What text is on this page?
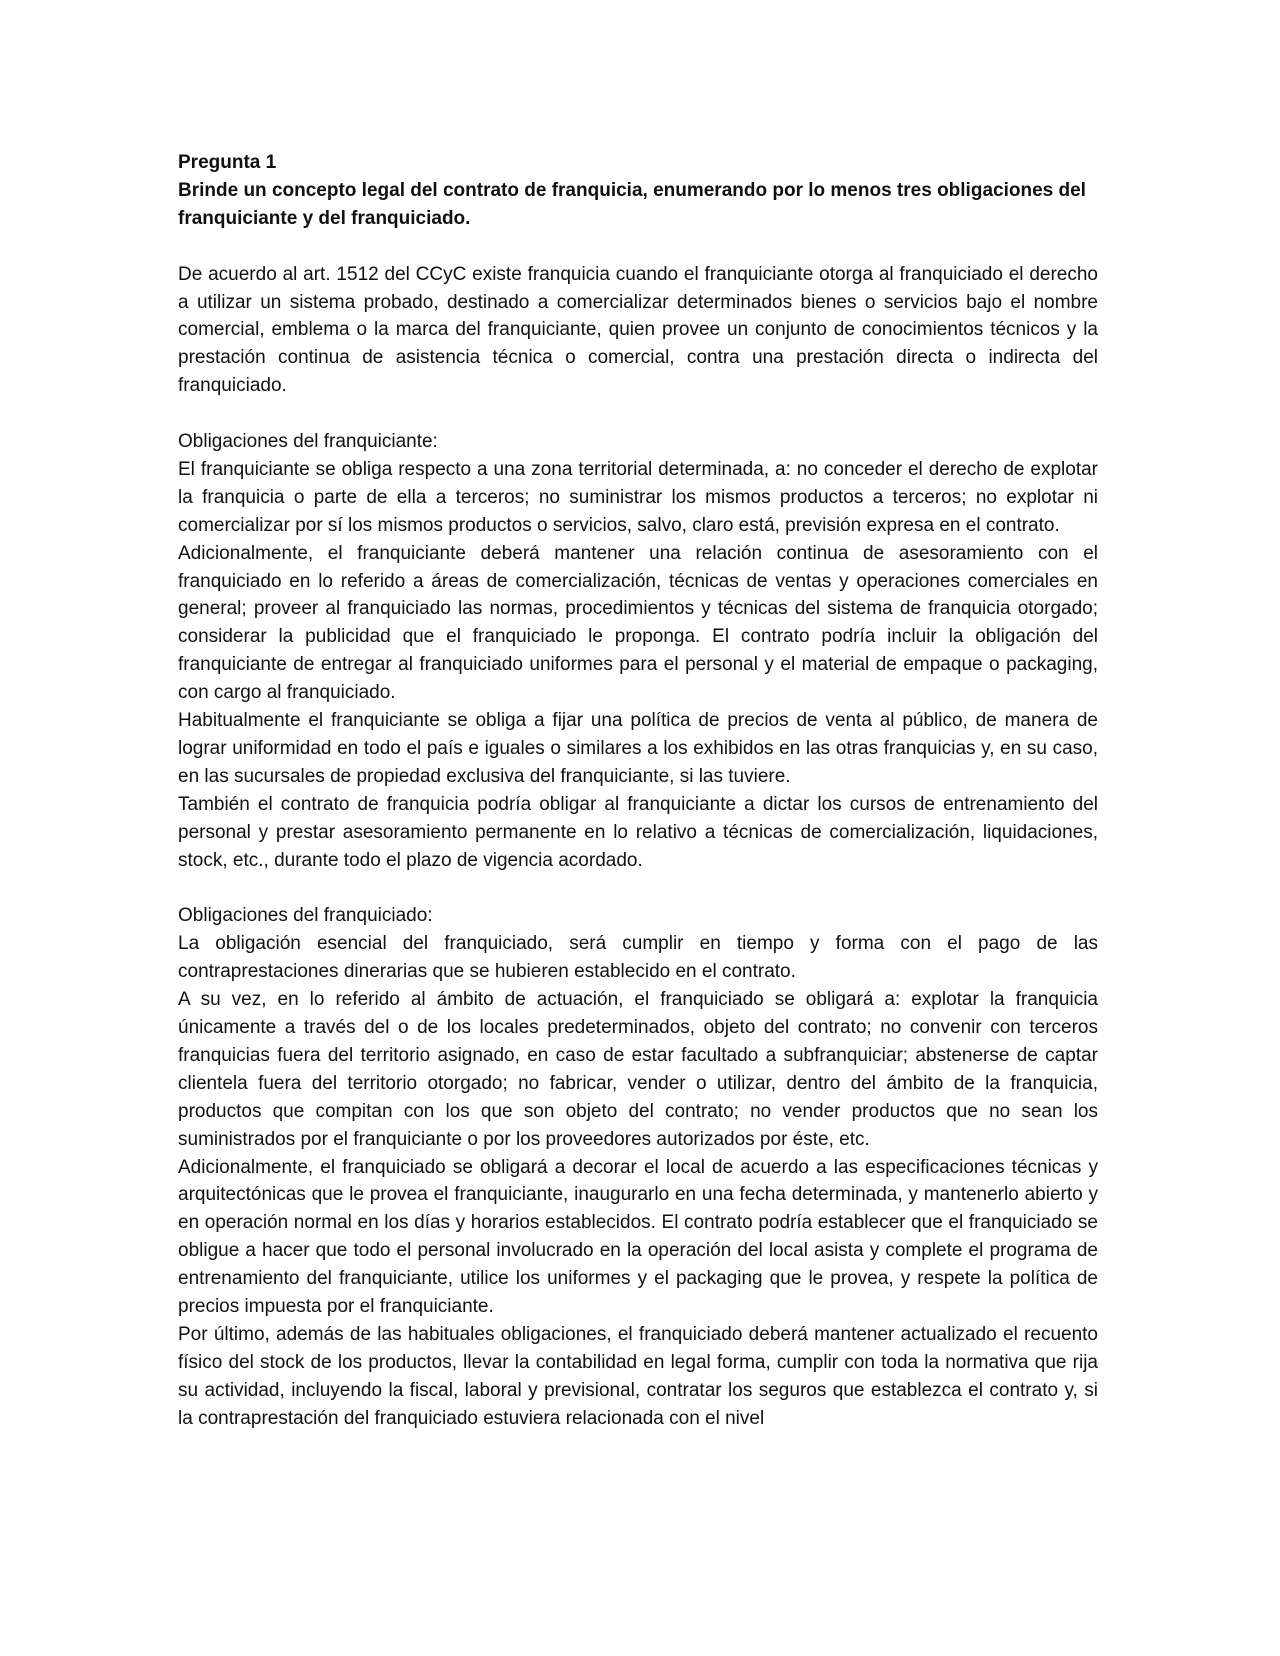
Pregunta 1

Brinde un concepto legal del contrato de franquicia, enumerando por lo menos tres obligaciones del franquiciante y del franquiciado.

De acuerdo al art. 1512 del CCyC existe franquicia cuando el franquiciante otorga al franquiciado el derecho a utilizar un sistema probado, destinado a comercializar determinados bienes o servicios bajo el nombre comercial, emblema o la marca del franquiciante, quien provee un conjunto de conocimientos técnicos y la prestación continua de asistencia técnica o comercial, contra una prestación directa o indirecta del franquiciado.

Obligaciones del franquiciante:

El franquiciante se obliga respecto a una zona territorial determinada, a: no conceder el derecho de explotar la franquicia o parte de ella a terceros; no suministrar los mismos productos a terceros; no explotar ni comercializar por sí los mismos productos o servicios, salvo, claro está, previsión expresa en el contrato.

Adicionalmente, el franquiciante deberá mantener una relación continua de asesoramiento con el franquiciado en lo referido a áreas de comercialización, técnicas de ventas y operaciones comerciales en general; proveer al franquiciado las normas, procedimientos y técnicas del sistema de franquicia otorgado; considerar la publicidad que el franquiciado le proponga. El contrato podría incluir la obligación del franquiciante de entregar al franquiciado uniformes para el personal y el material de empaque o packaging, con cargo al franquiciado.

Habitualmente el franquiciante se obliga a fijar una política de precios de venta al público, de manera de lograr uniformidad en todo el país e iguales o similares a los exhibidos en las otras franquicias y, en su caso, en las sucursales de propiedad exclusiva del franquiciante, si las tuviere.

También el contrato de franquicia podría obligar al franquiciante a dictar los cursos de entrenamiento del personal y prestar asesoramiento permanente en lo relativo a técnicas de comercialización, liquidaciones, stock, etc., durante todo el plazo de vigencia acordado.

Obligaciones del franquiciado:

La obligación esencial del franquiciado, será cumplir en tiempo y forma con el pago de las contraprestaciones dinerarias que se hubieren establecido en el contrato.

A su vez, en lo referido al ámbito de actuación, el franquiciado se obligará a: explotar la franquicia únicamente a través del o de los locales predeterminados, objeto del contrato; no convenir con terceros franquicias fuera del territorio asignado, en caso de estar facultado a subfranquiciar; abstenerse de captar clientela fuera del territorio otorgado; no fabricar, vender o utilizar, dentro del ámbito de la franquicia, productos que compitan con los que son objeto del contrato; no vender productos que no sean los suministrados por el franquiciante o por los proveedores autorizados por éste, etc.

Adicionalmente, el franquiciado se obligará a decorar el local de acuerdo a las especificaciones técnicas y arquitectónicas que le provea el franquiciante, inaugurarlo en una fecha determinada, y mantenerlo abierto y en operación normal en los días y horarios establecidos. El contrato podría establecer que el franquiciado se obligue a hacer que todo el personal involucrado en la operación del local asista y complete el programa de entrenamiento del franquiciante, utilice los uniformes y el packaging que le provea, y respete la política de precios impuesta por el franquiciante.

Por último, además de las habituales obligaciones, el franquiciado deberá mantener actualizado el recuento físico del stock de los productos, llevar la contabilidad en legal forma, cumplir con toda la normativa que rija su actividad, incluyendo la fiscal, laboral y previsional, contratar los seguros que establezca el contrato y, si la contraprestación del franquiciado estuviera relacionada con el nivel
